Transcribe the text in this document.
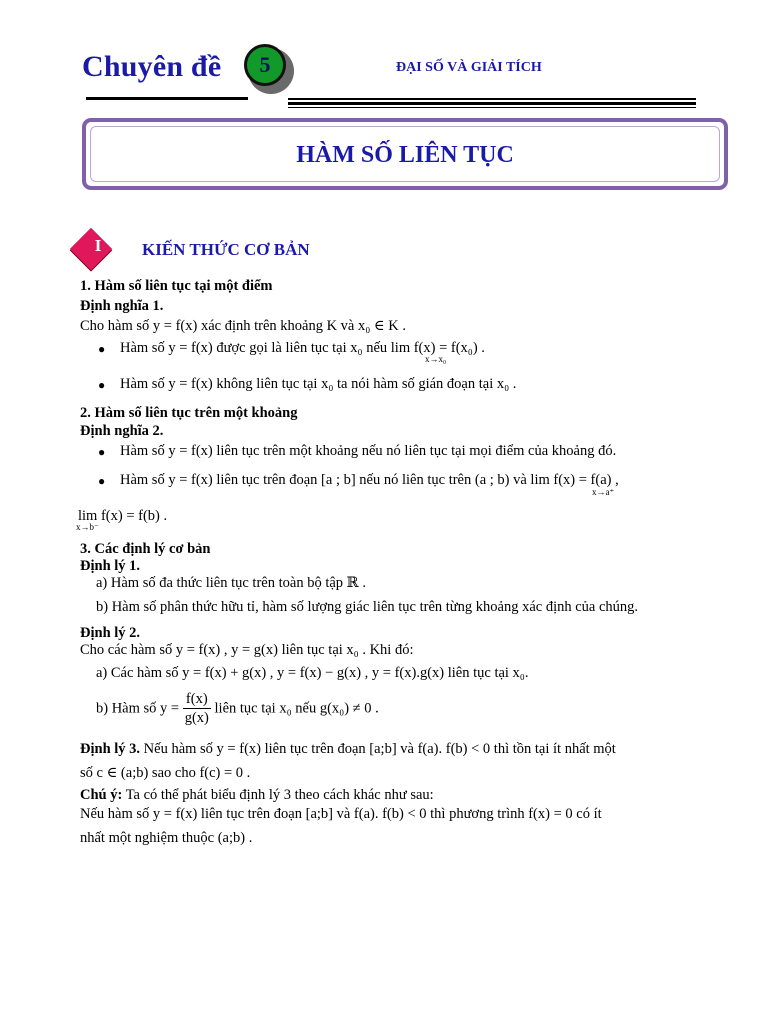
Chuyên đề	5	ĐẠI SỐ VÀ GIẢI TÍCH
HÀM SỐ LIÊN TỤC
I	KIẾN THỨC CƠ BẢN
1. Hàm số liên tục tại một điểm
Định nghĩa 1.
Cho hàm số y = f(x) xác định trên khoảng K và x₀ ∈ K .
● Hàm số y = f(x) được gọi là liên tục tại x₀ nếu lim f(x) = f(x₀) .
x→x₀
● Hàm số y = f(x) không liên tục tại x₀ ta nói hàm số gián đoạn tại x₀ .
2. Hàm số liên tục trên một khoảng
Định nghĩa 2.
● Hàm số y = f(x) liên tục trên một khoảng nếu nó liên tục tại mọi điểm của khoảng đó.
● Hàm số y = f(x) liên tục trên đoạn [a ; b] nếu nó liên tục trên (a ; b) và lim f(x) = f(a) ,
x→a⁺
lim f(x) = f(b) .
x→b⁻
3. Các định lý cơ bản
Định lý 1.
a) Hàm số đa thức liên tục trên toàn bộ tập ℝ .
b) Hàm số phân thức hữu tỉ, hàm số lượng giác liên tục trên từng khoảng xác định của chúng.
Định lý 2.
Cho các hàm số y = f(x) , y = g(x) liên tục tại x₀ . Khi đó:
a) Các hàm số y = f(x) + g(x) , y = f(x) − g(x) , y = f(x).g(x) liên tục tại x₀.
b) Hàm số $y = \frac{f(x)}{g(x)}$ liên tục tại x₀ nếu g(x₀) ≠ 0 .
Định lý 3. Nếu hàm số y = f(x) liên tục trên đoạn [a;b] và f(a). f(b) < 0 thì tồn tại ít nhất một
số c ∈ (a;b) sao cho f(c) = 0 .
Chú ý: Ta có thể phát biểu định lý 3 theo cách khác như sau:
Nếu hàm số y = f(x) liên tục trên đoạn [a;b] và f(a). f(b) < 0 thì phương trình f(x) = 0 có ít
nhất một nghiệm thuộc (a;b) .
